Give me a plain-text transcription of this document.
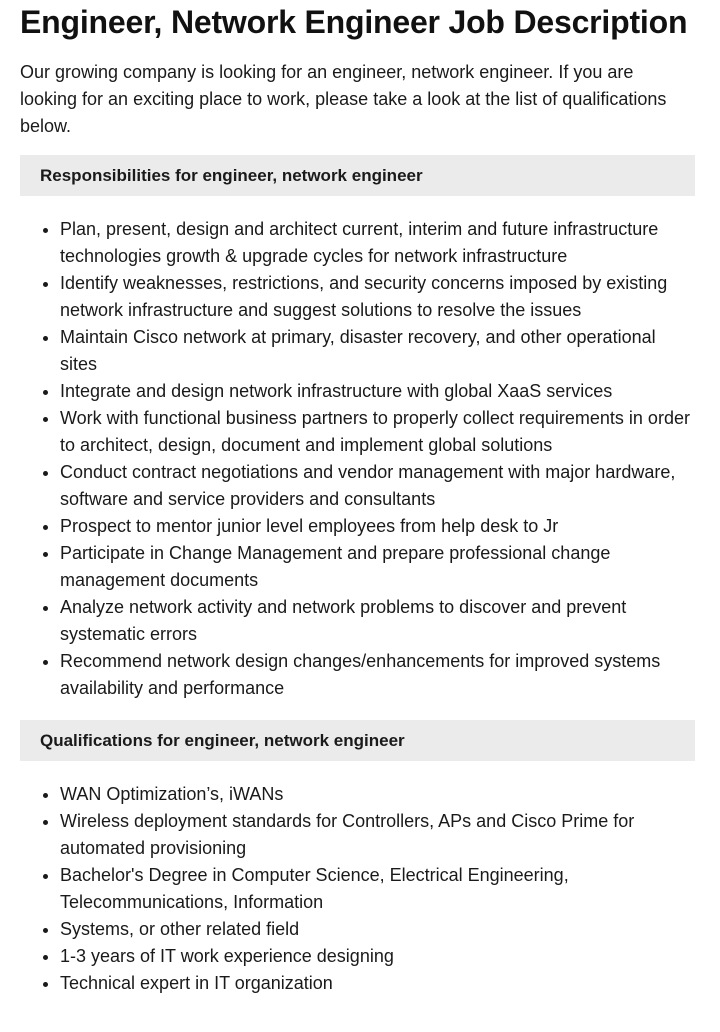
Engineer, Network Engineer Job Description

Our growing company is looking for an engineer, network engineer. If you are looking for an exciting place to work, please take a look at the list of qualifications below.

Responsibilities for engineer, network engineer
• Plan, present, design and architect current, interim and future infrastructure technologies growth & upgrade cycles for network infrastructure
• Identify weaknesses, restrictions, and security concerns imposed by existing network infrastructure and suggest solutions to resolve the issues
• Maintain Cisco network at primary, disaster recovery, and other operational sites
• Integrate and design network infrastructure with global XaaS services
• Work with functional business partners to properly collect requirements in order to architect, design, document and implement global solutions
• Conduct contract negotiations and vendor management with major hardware, software and service providers and consultants
• Prospect to mentor junior level employees from help desk to Jr
• Participate in Change Management and prepare professional change management documents
• Analyze network activity and network problems to discover and prevent systematic errors
• Recommend network design changes/enhancements for improved systems availability and performance
Qualifications for engineer, network engineer
• WAN Optimization’s, iWANs
• Wireless deployment standards for Controllers, APs and Cisco Prime for automated provisioning
• Bachelor's Degree in Computer Science, Electrical Engineering, Telecommunications, Information
• Systems, or other related field
• 1-3 years of IT work experience designing
• Technical expert in IT organization
